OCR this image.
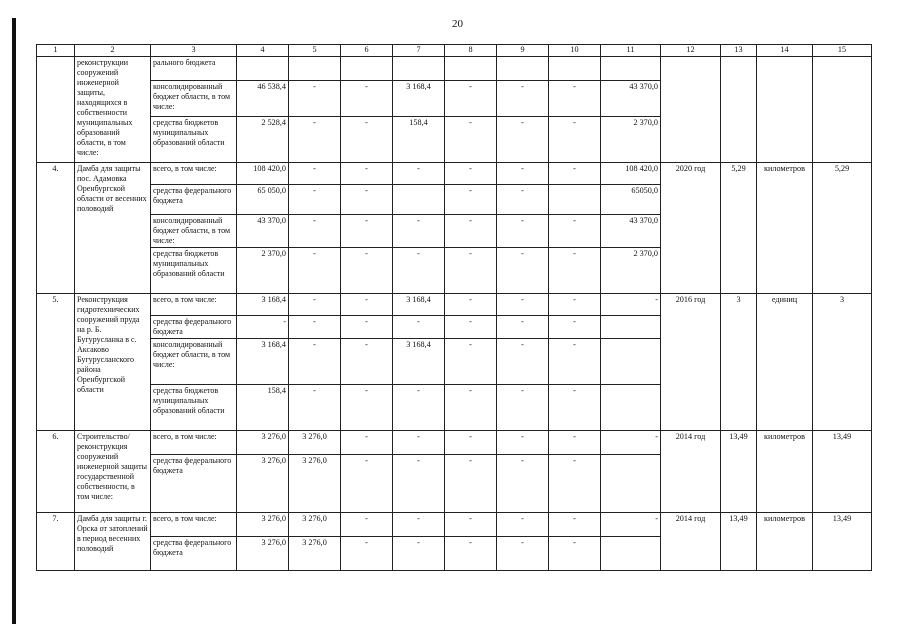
20
1	2	3	4	5	6	7	8	9	10	11	12	13	14	15
	реконструкции сооружений инженерной защиты, находящихся в собственности муниципальных образований области, в том числе:	рального бюджета												
		консолидированный бюджет области, в том числе:	46 538,4	-	-	3 168,4	-	-	-	43 370,0				
		средства бюджетов муниципальных образований области	2 528,4	-	-	158,4	-	-	-	2 370,0				
4.	Дамба для защиты пос. Адамовка Оренбургской области от весенних половодий	всего, в том числе:	108 420,0	-	-	-	-	-	-	108 420,0	2020 год	5,29	километров	5,29
		средства федерального бюджета	65 050,0	-	-		-	-		65050,0				
		консолидированный бюджет области, в том числе:	43 370,0	-	-	-	-	-	-	43 370,0				
		средства бюджетов муниципальных образований области	2 370,0	-	-	-	-	-	-	2 370,0				
5.	Реконструкция гидротехнических сооружений пруда на р. Б. Бугурусланка в с. Аксаково Бугурусланского района Оренбургской области	всего, в том числе:	3 168,4	-	-	3 168,4	-	-	-	-	2016 год	3	единиц	3
		средства федерального бюджета	-	-	-	-	-	-	-					
		консолидированный бюджет области, в том числе:	3 168,4	-	-	3 168,4	-	-	-					
		средства бюджетов муниципальных образований области	158,4	-	-	-	-	-	-					
6.	Строительство/реконструкция сооружений инженерной защиты государственной собственности, в том числе:	всего, в том числе:	3 276,0	3 276,0	-	-	-	-	-	-	2014 год	13,49	километров	13,49
		средства федерального бюджета	3 276,0	3 276,0	-	-	-	-	-					
7.	Дамба для защиты г. Орска от затоплений в период весенних половодий	всего, в том числе:	3 276,0	3 276,0	-	-	-	-	-	-	2014 год	13,49	километров	13,49
		средства федерального бюджета	3 276,0	3 276,0	-	-	-	-	-					
